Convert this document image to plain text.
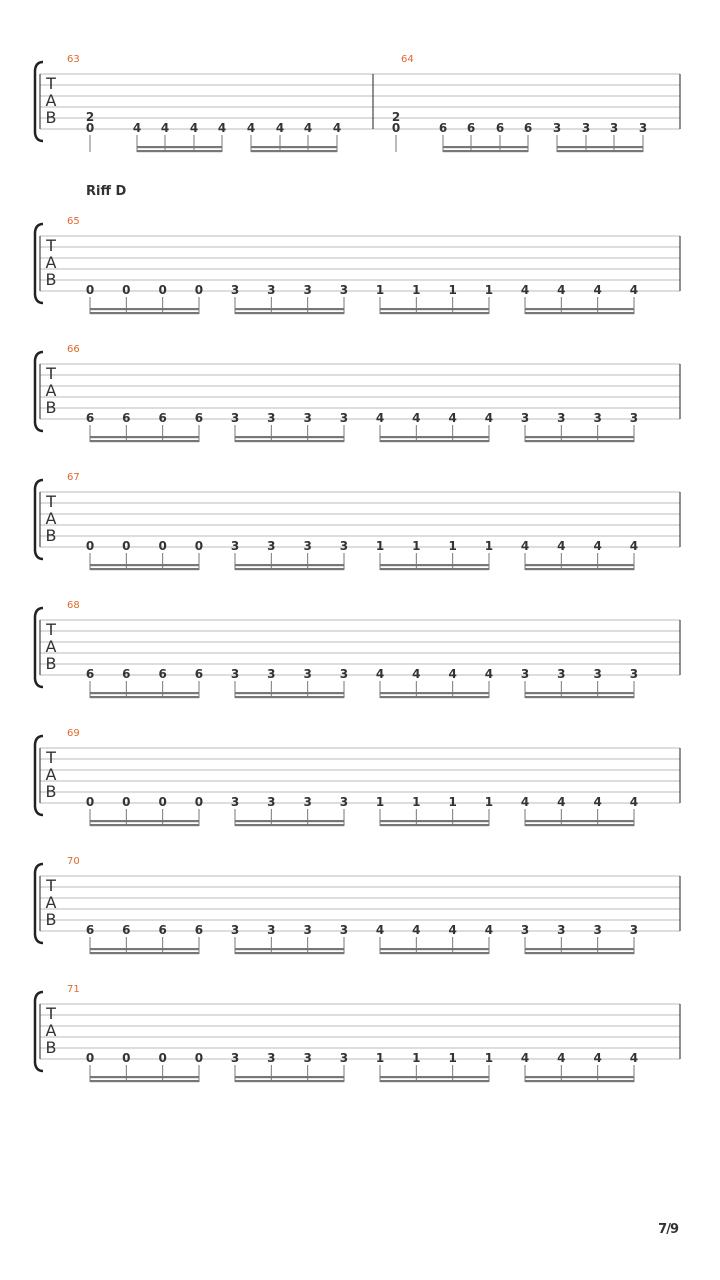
Riff D
T
A
B
63
2
0	4 4 4 4 4 4 4 4
64
2
0	6 6 6 6 3 3 3 3
T
A
B
65
0 0 0 0 3 3 3 3 1 1 1 1 4 4 4 4
T
A
B
66
6 6 6 6 3 3 3 3 4 4 4 4 3 3 3 3
T
A
B
67
0 0 0 0 3 3 3 3 1 1 1 1 4 4 4 4
T
A
B
68
6 6 6 6 3 3 3 3 4 4 4 4 3 3 3 3
T
A
B
69
0 0 0 0 3 3 3 3 1 1 1 1 4 4 4 4
T
A
B
70
6 6 6 6 3 3 3 3 4 4 4 4 3 3 3 3
T
A
B
71
0 0 0 0 3 3 3 3 1 1 1 1 4 4 4 4
7/9
